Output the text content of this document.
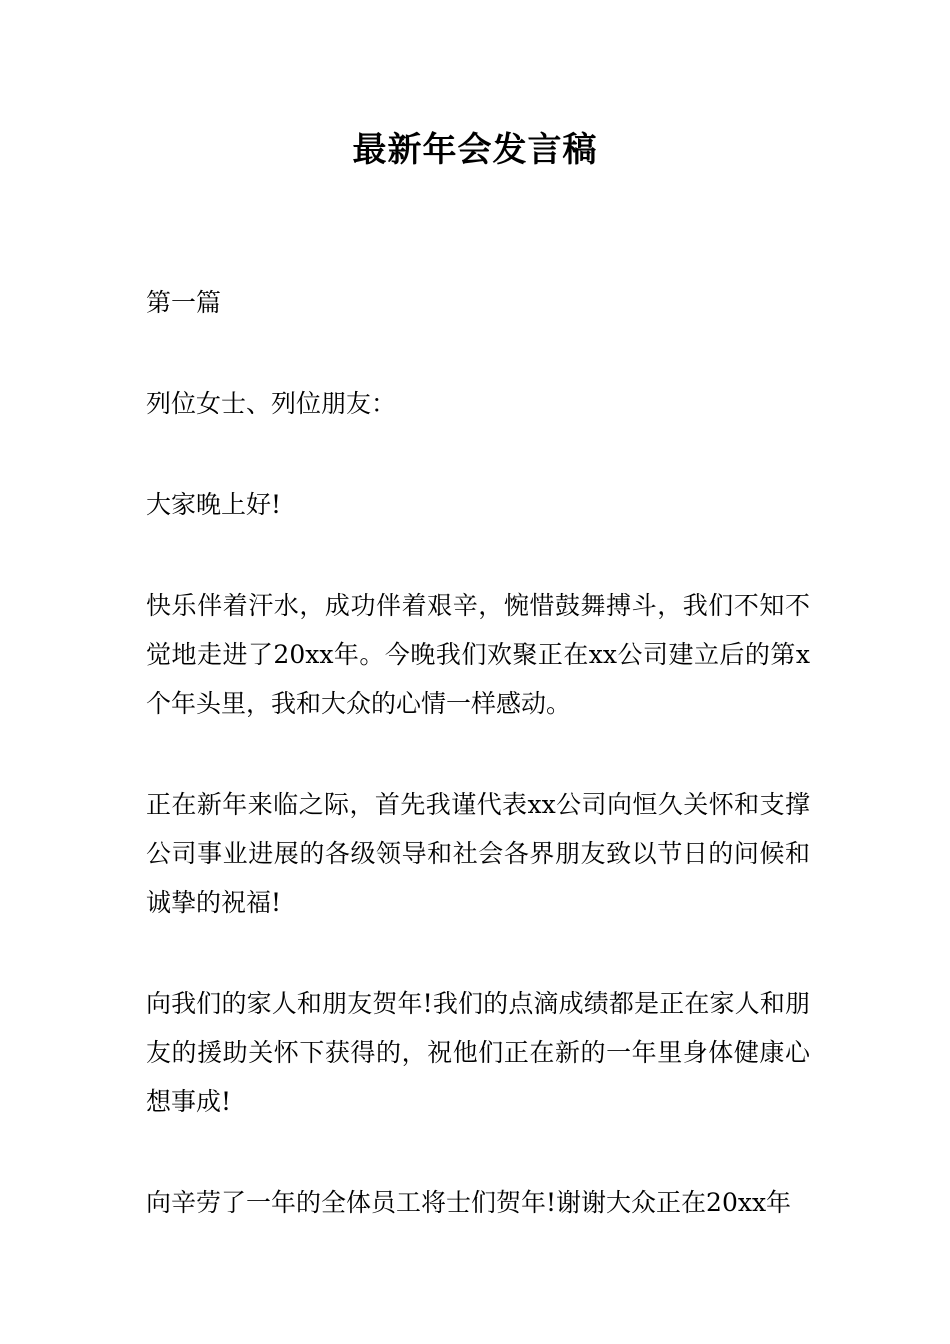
最新年会发言稿

第一篇

列位女士、列位朋友：

大家晚上好!

快乐伴着汗水，成功伴着艰辛，惋惜鼓舞搏斗，我们不知不觉地走进了20xx年。今晚我们欢聚正在xx公司建立后的第x个年头里，我和大众的心情一样感动。

正在新年来临之际，首先我谨代表xx公司向恒久关怀和支撑公司事业进展的各级领导和社会各界朋友致以节日的问候和诚挚的祝福!

向我们的家人和朋友贺年!我们的点滴成绩都是正在家人和朋友的援助关怀下获得的，祝他们正在新的一年里身体健康心想事成!

向辛劳了一年的全体员工将士们贺年!谢谢大众正在20xx年
